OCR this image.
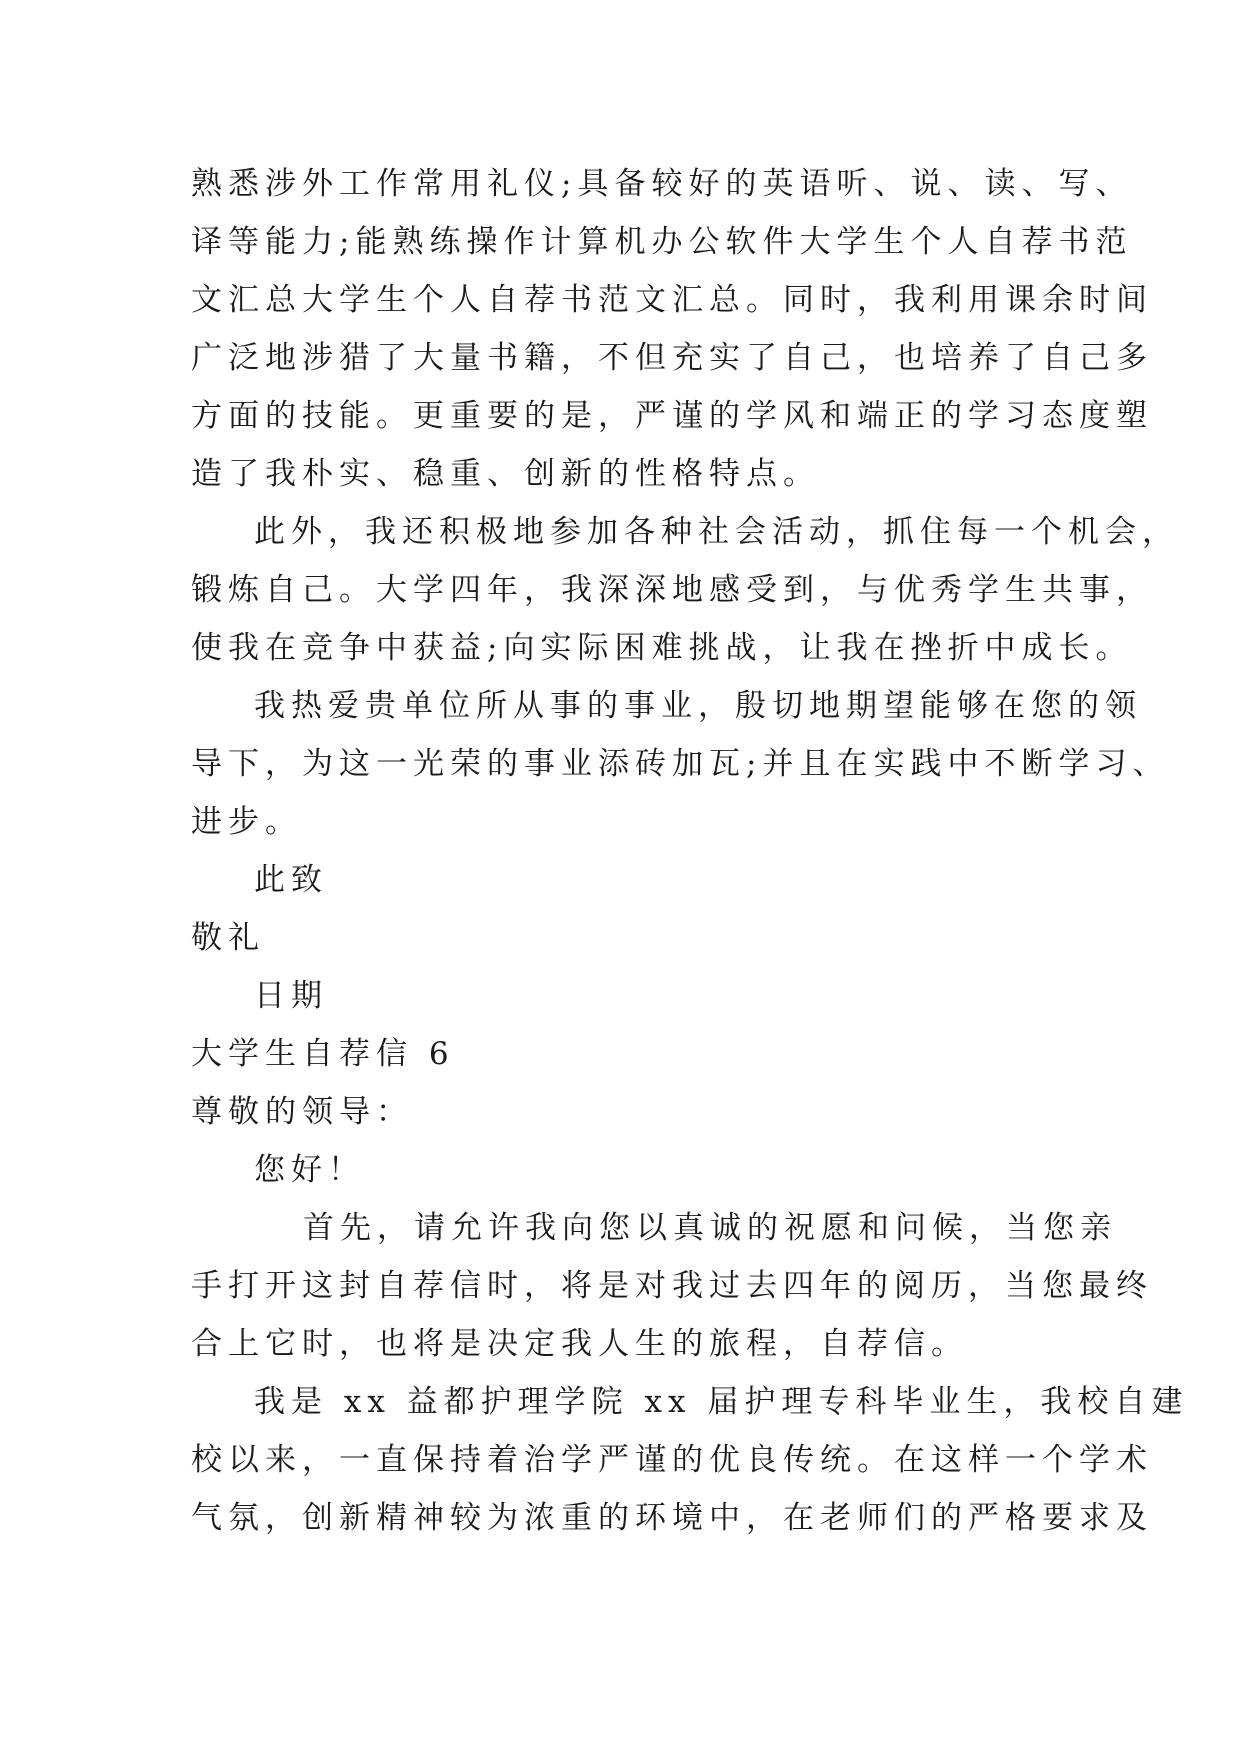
熟悉涉外工作常用礼仪;具备较好的英语听、说、读、写、
译等能力;能熟练操作计算机办公软件大学生个人自荐书范
文汇总大学生个人自荐书范文汇总。同时，我利用课余时间
广泛地涉猎了大量书籍，不但充实了自己，也培养了自己多
方面的技能。更重要的是，严谨的学风和端正的学习态度塑
造了我朴实、稳重、创新的性格特点。
此外，我还积极地参加各种社会活动，抓住每一个机会，
锻炼自己。大学四年，我深深地感受到，与优秀学生共事，
使我在竞争中获益;向实际困难挑战，让我在挫折中成长。
我热爱贵单位所从事的事业，殷切地期望能够在您的领
导下，为这一光荣的事业添砖加瓦;并且在实践中不断学习、
进步。
此致
敬礼
日期
大学生自荐信 6
尊敬的领导：
您好！
首先，请允许我向您以真诚的祝愿和问候，当您亲
手打开这封自荐信时，将是对我过去四年的阅历，当您最终
合上它时，也将是决定我人生的旅程，自荐信。
我是 xx 益都护理学院 xx 届护理专科毕业生，我校自建
校以来，一直保持着治学严谨的优良传统。在这样一个学术
气氛，创新精神较为浓重的环境中，在老师们的严格要求及
